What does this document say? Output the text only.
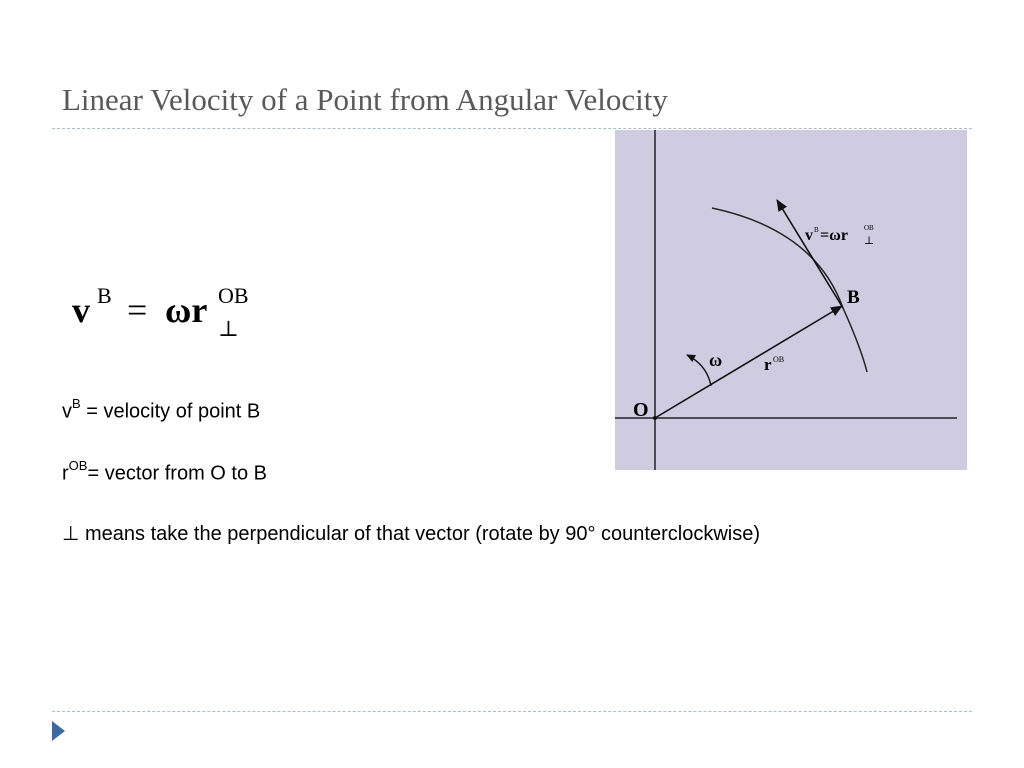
Linear Velocity of a Point from Angular Velocity
v B = ωr OB
⊥
$v^B$ = velocity of point B
$r^{OB}=$ vector from O to B
⊥ means take the perpendicular of that vector (rotate by 90° counterclockwise)
O
B
ω r OB
v B =ωr OB
⊥
